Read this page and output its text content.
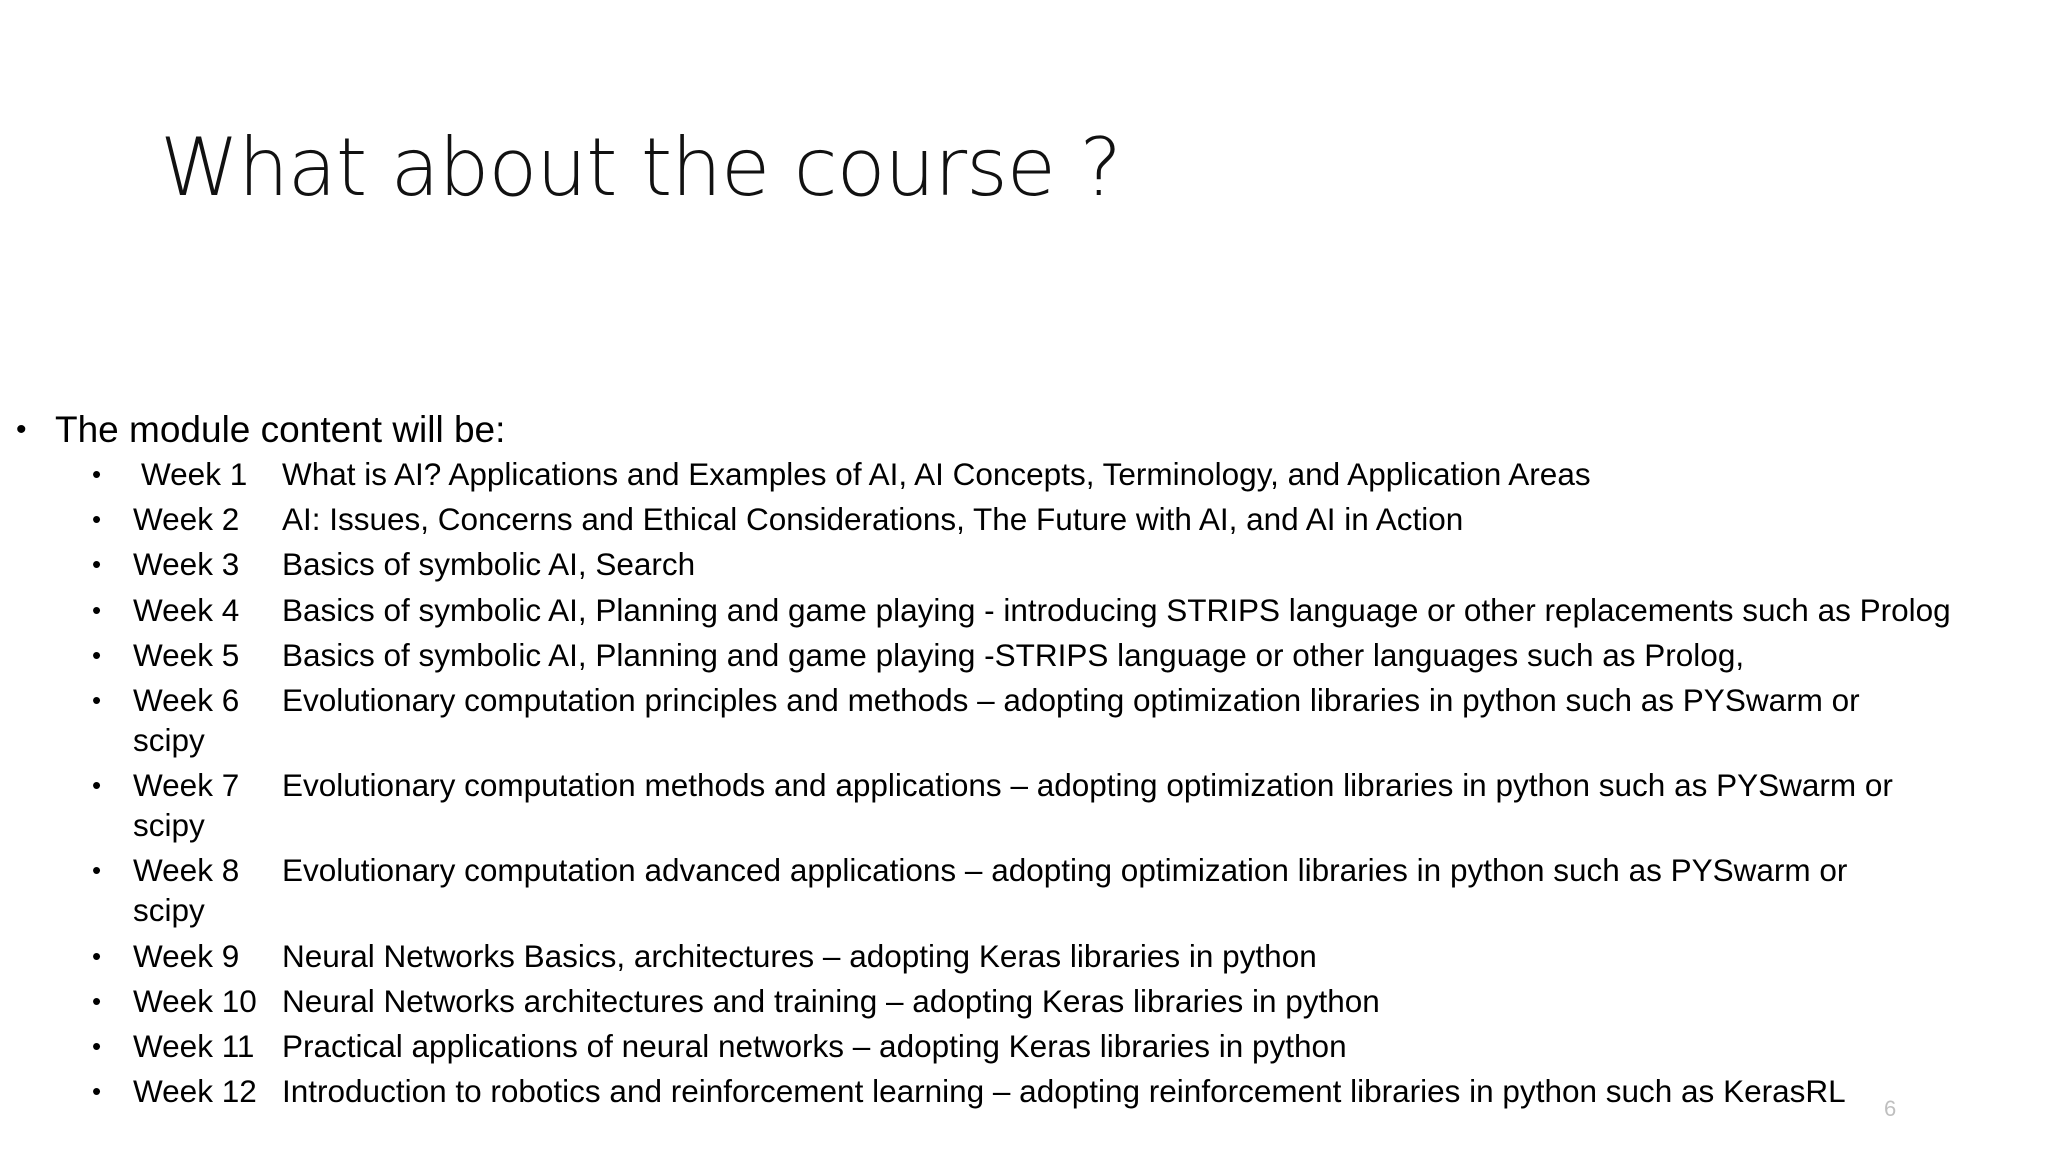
What about the course ?
• The module content will be:
• Week 1	What is AI? Applications and Examples of AI, AI Concepts, Terminology, and Application Areas
• Week 2	AI: Issues, Concerns and Ethical Considerations, The Future with AI, and AI in Action
• Week 3	Basics of symbolic AI, Search
• Week 4	Basics of symbolic AI, Planning and game playing - introducing STRIPS language or other replacements such as Prolog
• Week 5	Basics of symbolic AI, Planning and game playing -STRIPS language or other languages such as Prolog,
• Week 6	Evolutionary computation principles and methods – adopting optimization libraries in python such as PYSwarm or
scipy
• Week 7	Evolutionary computation methods and applications – adopting optimization libraries in python such as PYSwarm or
scipy
• Week 8	Evolutionary computation advanced applications – adopting optimization libraries in python such as PYSwarm or
scipy
• Week 9	Neural Networks Basics, architectures – adopting Keras libraries in python
• Week 10 Neural Networks architectures and training – adopting Keras libraries in python
• Week 11 Practical applications of neural networks – adopting Keras libraries in python
• Week 12 Introduction to robotics and reinforcement learning – adopting reinforcement libraries in python such as KerasRL 6
